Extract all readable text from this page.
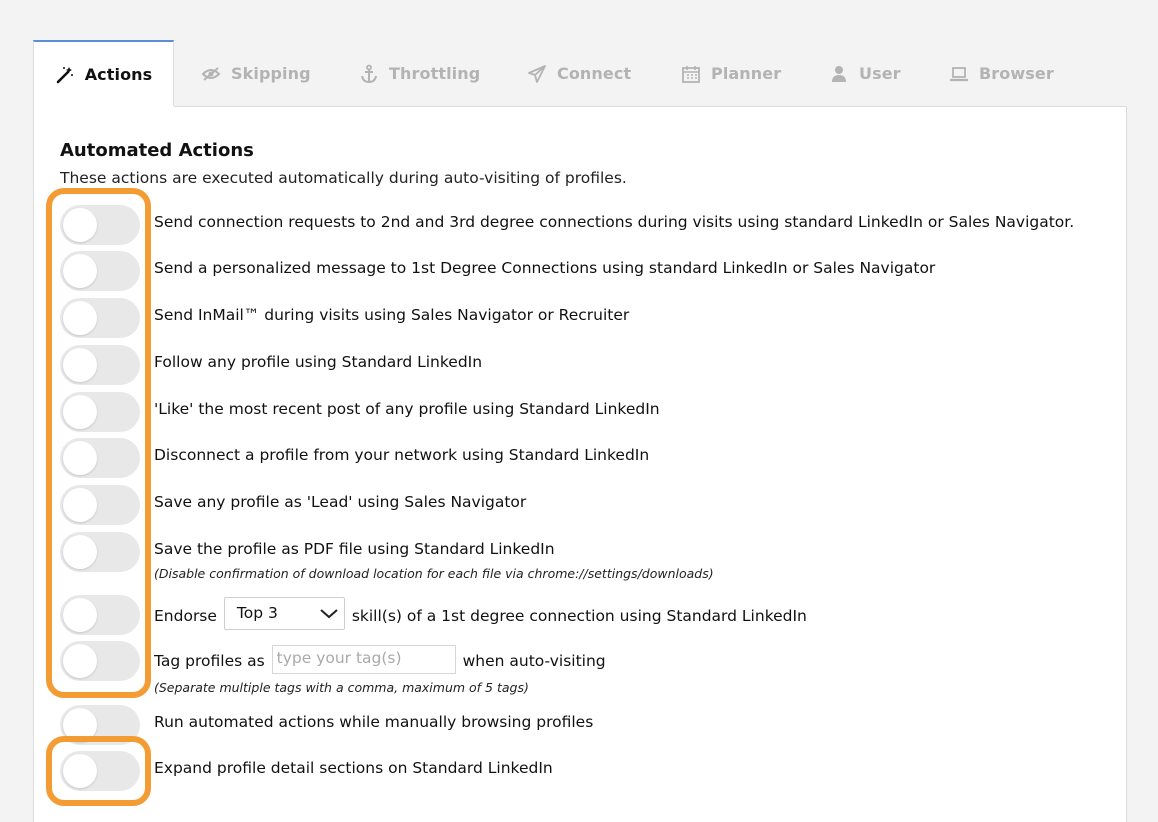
Actions	Skipping	Throttling	Connect	Planner	User	Browser
Automated Actions
These actions are executed automatically during auto-visiting of profiles.
Send connection requests to 2nd and 3rd degree connections during visits using standard LinkedIn or Sales Navigator.
Send a personalized message to 1st Degree Connections using standard LinkedIn or Sales Navigator
Send InMail™ during visits using Sales Navigator or Recruiter
Follow any profile using Standard LinkedIn
'Like' the most recent post of any profile using Standard LinkedIn
Disconnect a profile from your network using Standard LinkedIn
Save any profile as 'Lead' using Sales Navigator
Save the profile as PDF file using Standard LinkedIn
(Disable confirmation of download location for each file via chrome://settings/downloads)
Endorse Top 3	skill(s) of a 1st degree connection using Standard LinkedIn
Tag profiles as type your tag(s)	when auto-visiting
(Separate multiple tags with a comma, maximum of 5 tags)
Run automated actions while manually browsing profiles
Expand profile detail sections on Standard LinkedIn
